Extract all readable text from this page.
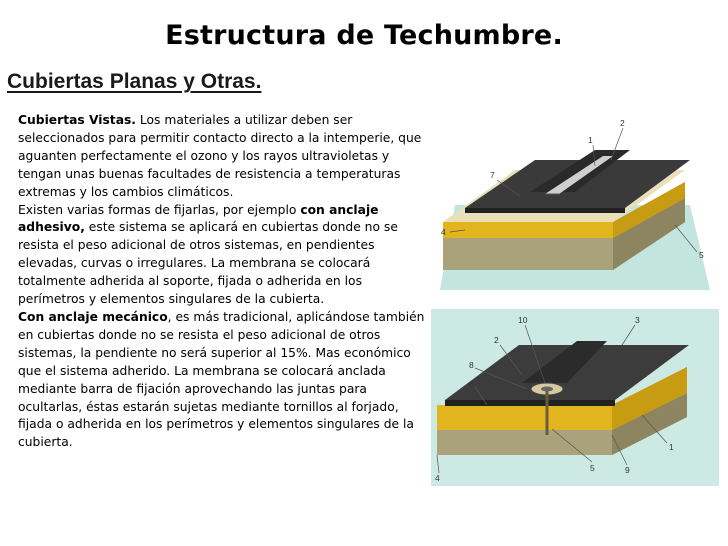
Estructura de Techumbre.
Cubiertas Planas y Otras.

Cubiertas Vistas. Los materiales a utilizar deben ser seleccionados para permitir contacto directo a la intemperie, que aguanten perfectamente el ozono y los rayos ultravioletas y tengan unas buenas facultades de resistencia a temperaturas extremas y los cambios climáticos.

Existen varias formas de fijarlas, por ejemplo con anclaje adhesivo, este sistema se aplicará en cubiertas donde no se resista el peso adicional de otros sistemas, en pendientes elevadas, curvas o irregulares. La membrana se colocará totalmente adherida al soporte, fijada o adherida en los perímetros y elementos singulares de la cubierta.

Con anclaje mecánico, es más tradicional, aplicándose también en cubiertas donde no se resista el peso adicional de otros sistemas, la pendiente no será superior al 15%. Mas económico que el sistema adherido. La membrana se colocará anclada mediante barra de fijación aprovechando las juntas para ocultarlas, éstas estarán sujetas mediante tornillos al forjado, fijada o adherida en los perímetros y elementos singulares de la cubierta.

1
2
7
4
5
10	3
2
8
6
1
5	9
4
